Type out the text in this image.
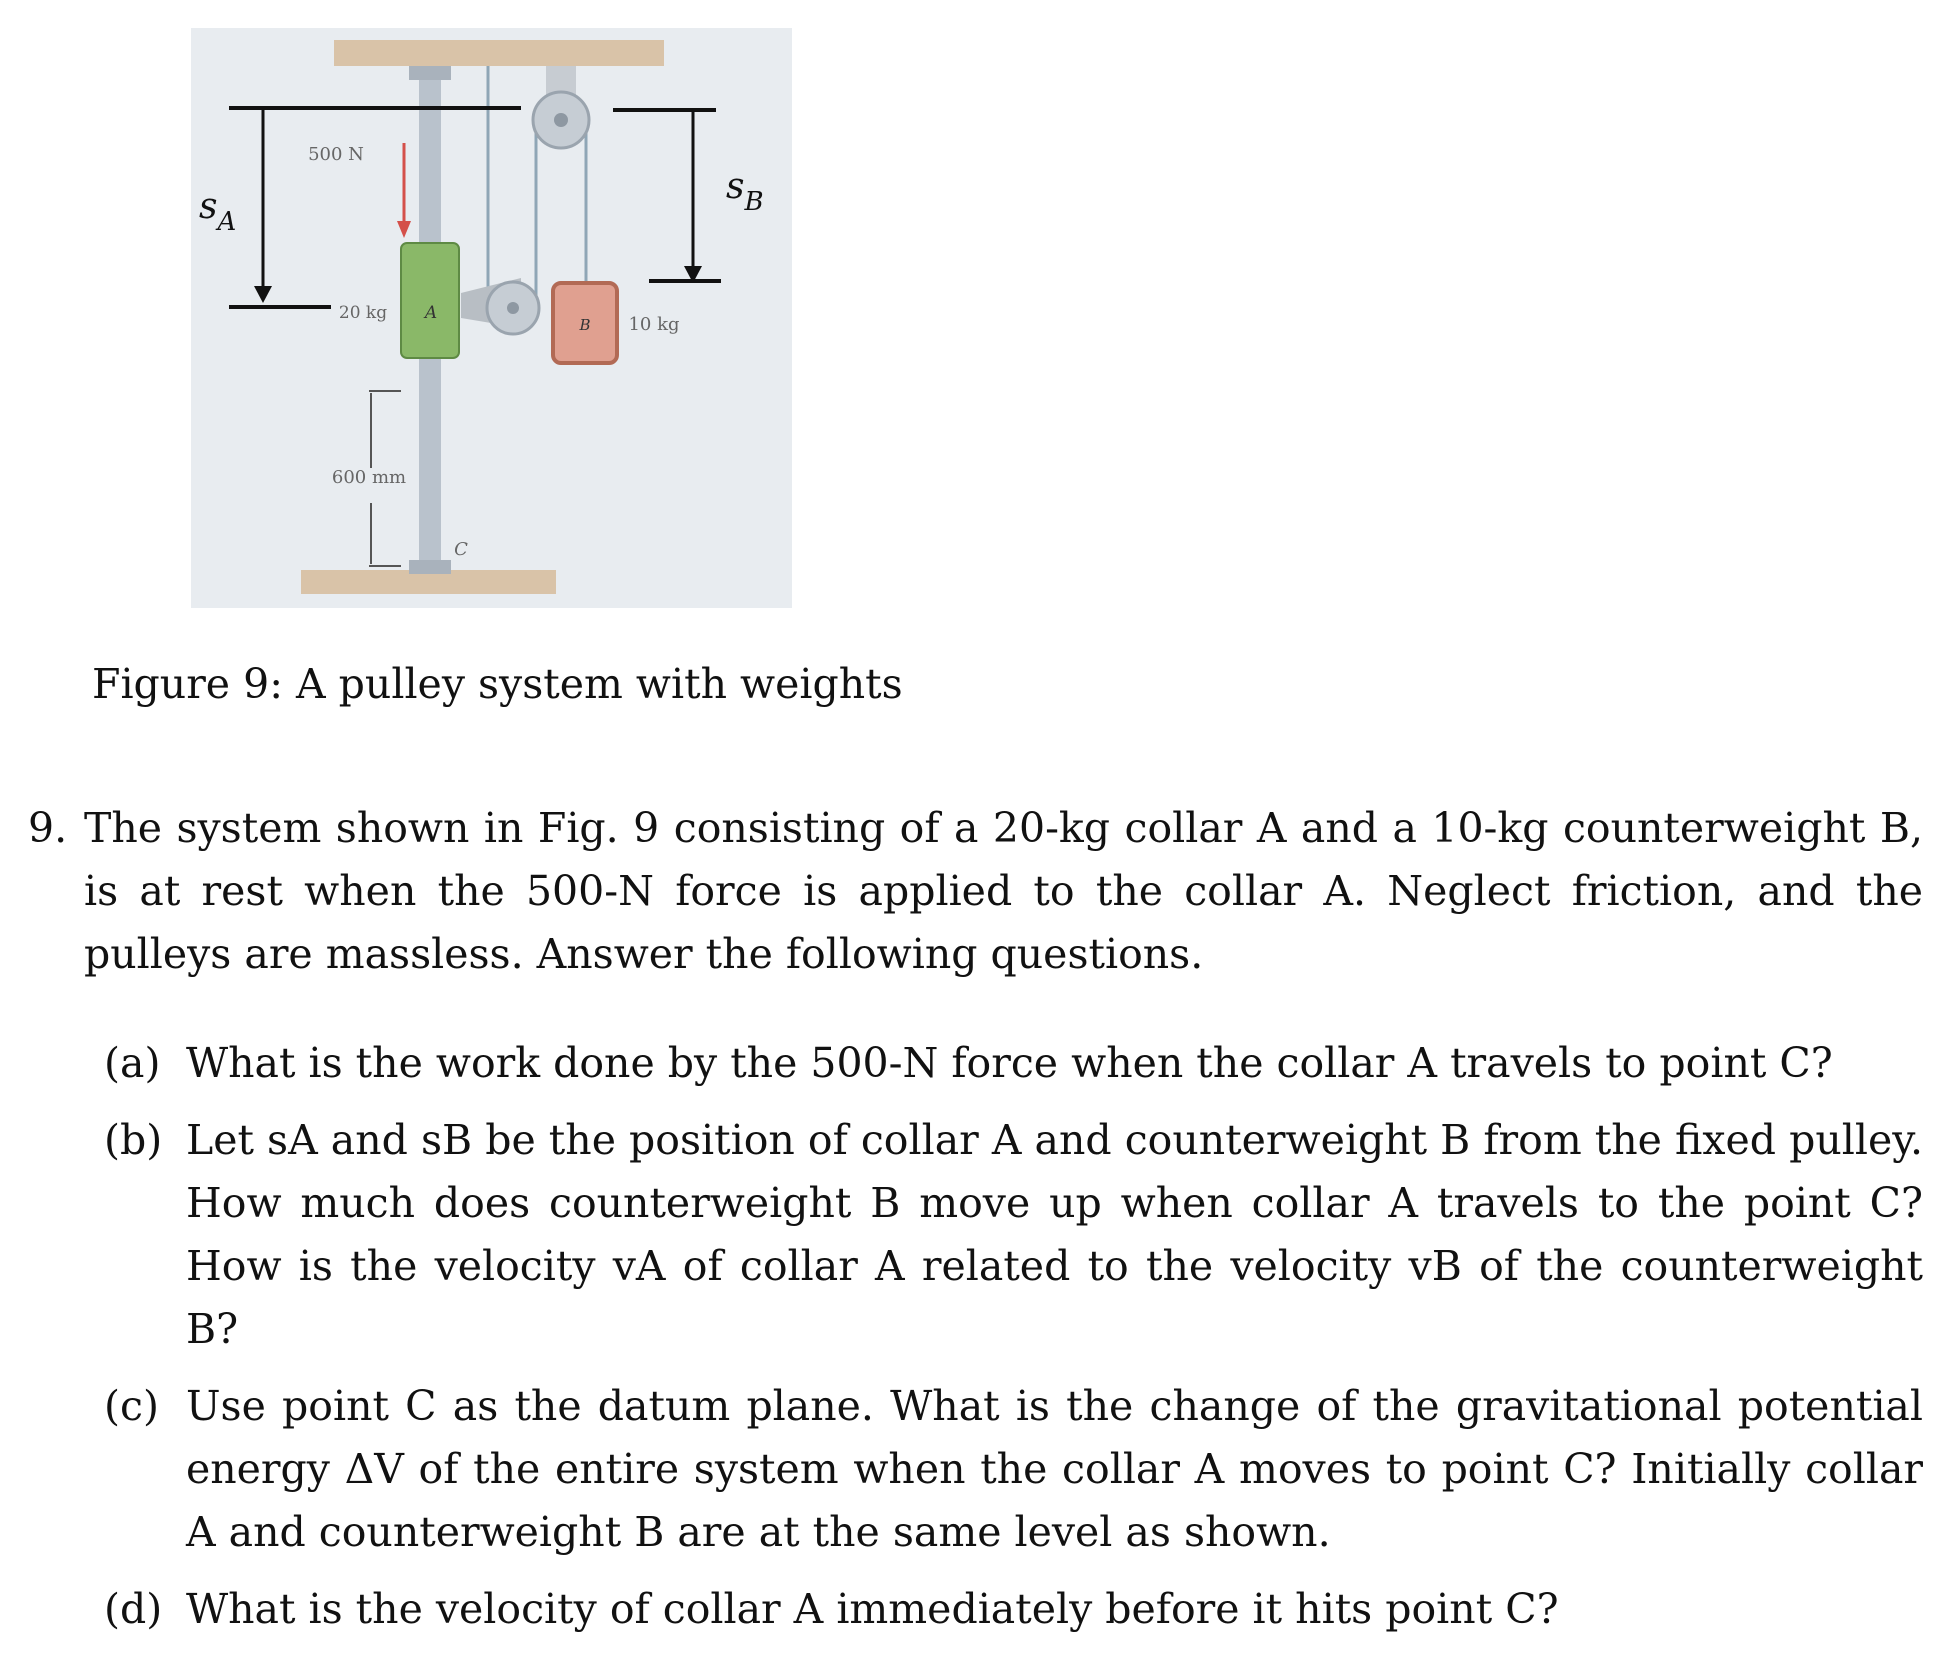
500 N
20 kg A
B 10 kg
600 mm
C
$s_A$
$s_B$
Figure 9: A pulley system with weights
9. The system shown in Fig. 9 consisting of a 20-kg collar A and a 10-kg counterweight B, is at rest when the 500-N force is applied to the collar A. Neglect friction, and the pulleys are massless. Answer the following questions.
(a) What is the work done by the 500-N force when the collar A travels to point C?
(b) Let sA and sB be the position of collar A and counterweight B from the fixed pulley. How much does counterweight B move up when collar A travels to the point C? How is the velocity vA of collar A related to the velocity vB of the counterweight B?
(c) Use point C as the datum plane. What is the change of the gravitational potential energy ΔV of the entire system when the collar A moves to point C? Initially collar A and counterweight B are at the same level as shown.
(d) What is the velocity of collar A immediately before it hits point C?
